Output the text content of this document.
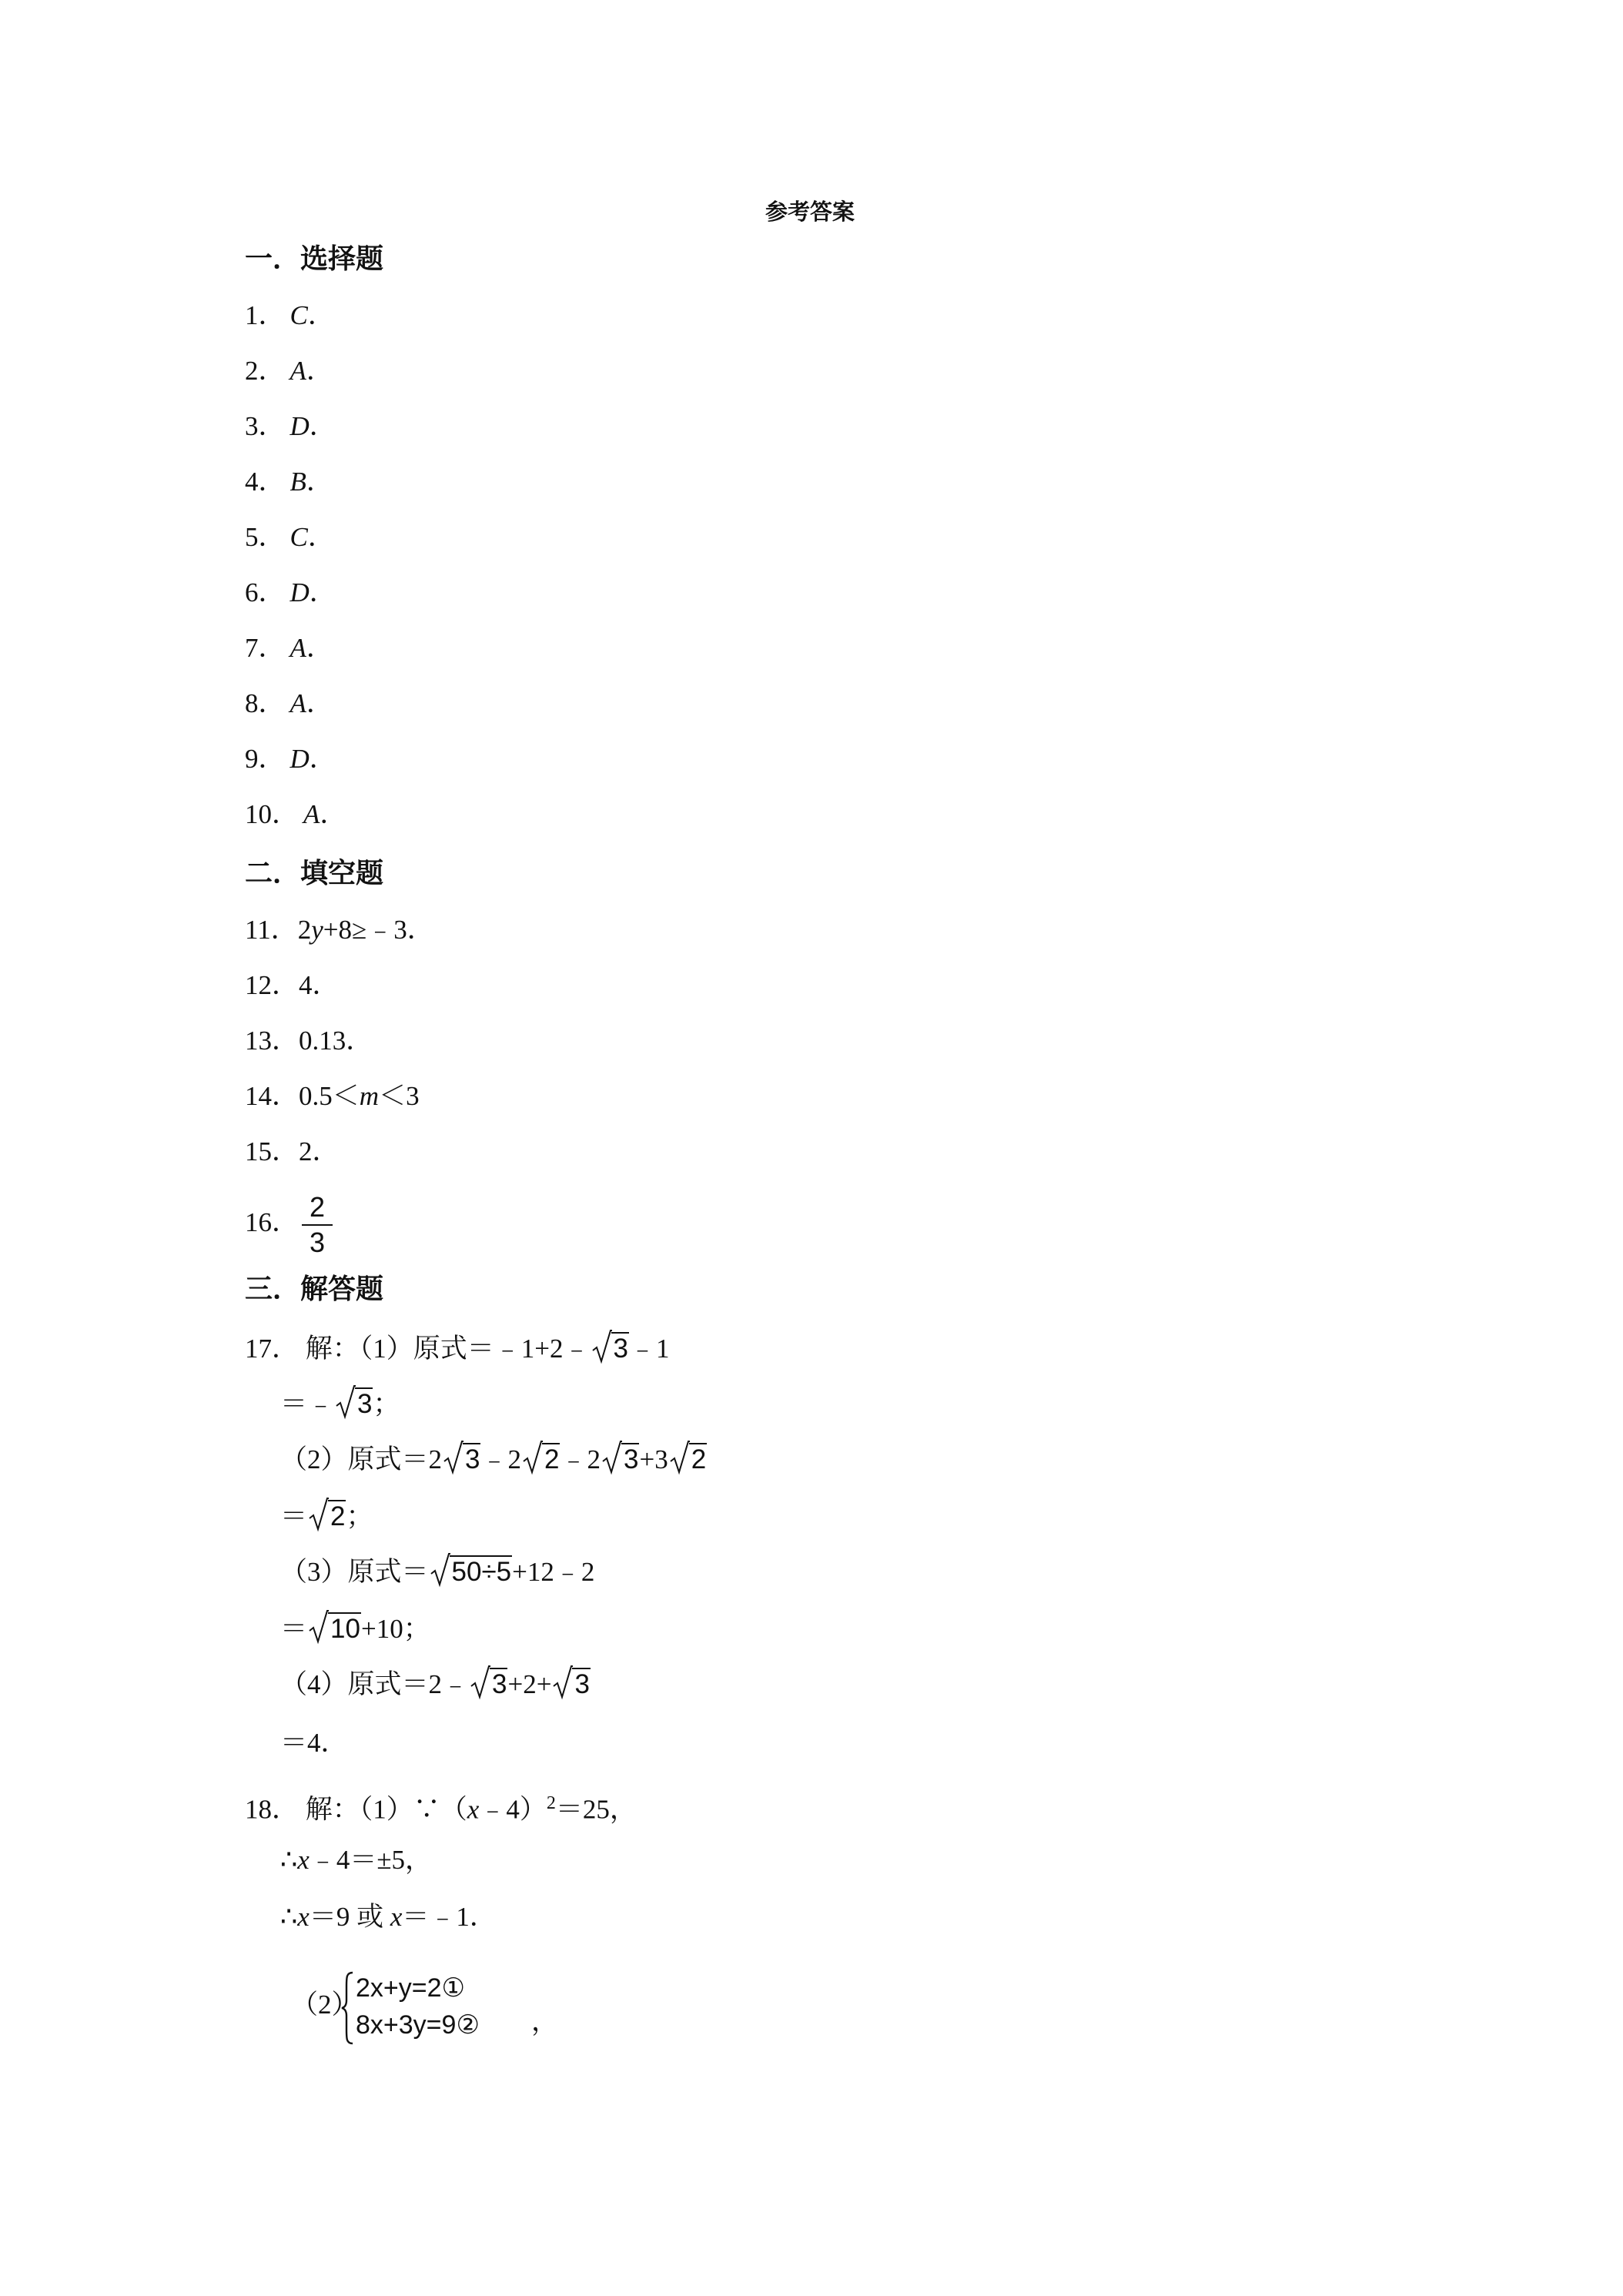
参考答案
一．选择题
1． C．
2． A．
3． D．
4． B．
5． C．
6． D．
7． A．
8． A．
9． D．
10． A．
二．填空题
11．2y+8≥﹣3．
12．4．
13．0.13．
14．0.5＜m＜3
15．2．
16． 2
3
三．解答题
17． 解：（1）原式＝﹣1+2﹣ 3﹣1
＝﹣ 3；
（2）原式＝2 3﹣2 2﹣2 3+3 2
＝ 2；
（3）原式＝ 50÷5+12﹣2
＝ 10+10；
（4）原式＝2﹣ 3+2+ 3
＝4．
18． 解：（1）∵（x﹣4）$^2$＝25，
∴x﹣4＝±5，
∴x＝9 或 x＝﹣1．
（2）
2x+y=2①
8x+3y=9② ，
